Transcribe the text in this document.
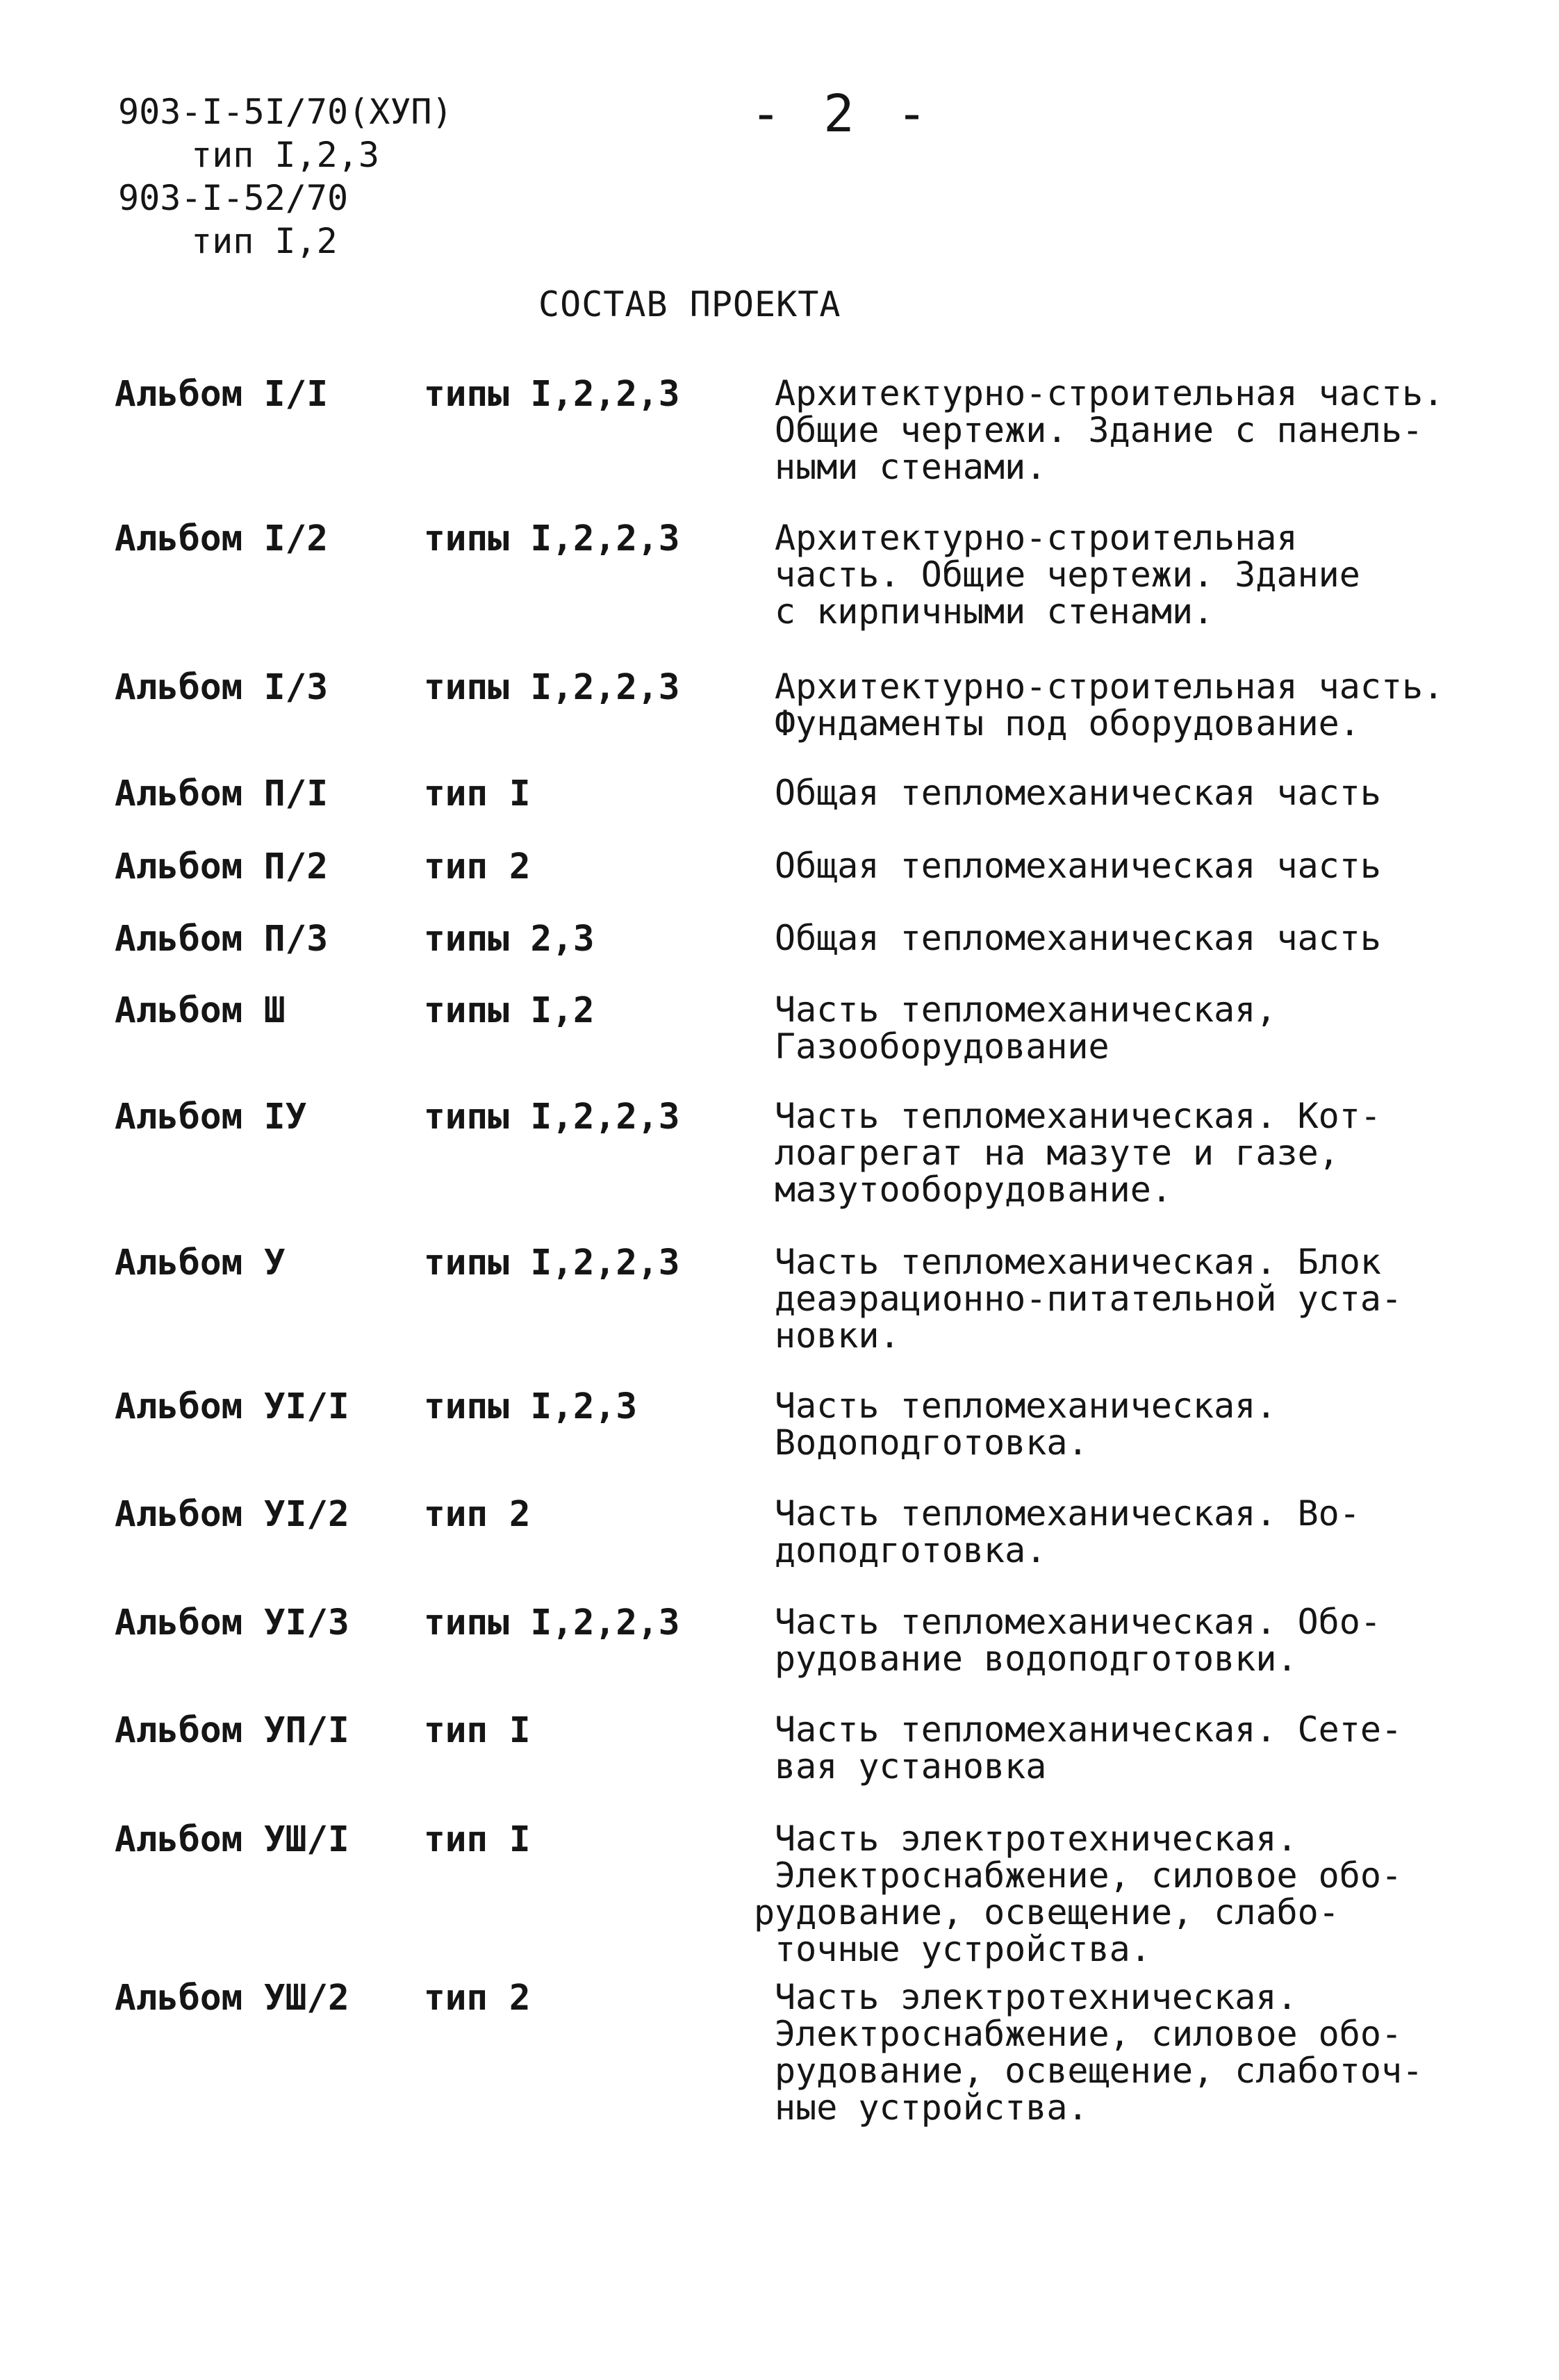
903-I-5I/70(ХУП)
тип I,2,3
903-I-52/70
тип I,2
- 2 -
СОСТАВ ПРОЕКТА
Альбом I/I	типы I,2,2,3	Архитектурно-строительная часть.
Общие чертежи. Здание с панель-
ными стенами.
Альбом I/2	типы I,2,2,3	Архитектурно-строительная
часть. Общие чертежи. Здание
с кирпичными стенами.
Альбом I/3	типы I,2,2,3	Архитектурно-строительная часть.
Фундаменты под оборудование.
Альбом П/I	тип I	Общая тепломеханическая часть
Альбом П/2	тип 2	Общая тепломеханическая часть
Альбом П/3	типы 2,3	Общая тепломеханическая часть
Альбом Ш	типы I,2	Часть тепломеханическая,
Газооборудование
Альбом IУ	типы I,2,2,3	Часть тепломеханическая. Кот-
лоагрегат на мазуте и газе,
мазутооборудование.
Альбом У	типы I,2,2,3	Часть тепломеханическая. Блок
деаэрационно-питательной уста-
новки.
Альбом УI/I	типы I,2,3	Часть тепломеханическая.
Водоподготовка.
Альбом УI/2	тип 2	Часть тепломеханическая. Во-
доподготовка.
Альбом УI/3	типы I,2,2,3	Часть тепломеханическая. Обо-
рудование водоподготовки.
Альбом УП/I	тип I	Часть тепломеханическая. Сете-
вая установка
Альбом УШ/I	тип I	Часть электротехническая.
Электроснабжение, силовое обо-
рудование, освещение, слабо-
точные устройства.
Альбом УШ/2	тип 2	Часть электротехническая.
Электроснабжение, силовое обо-
рудование, освещение, слаботоч-
ные устройства.
